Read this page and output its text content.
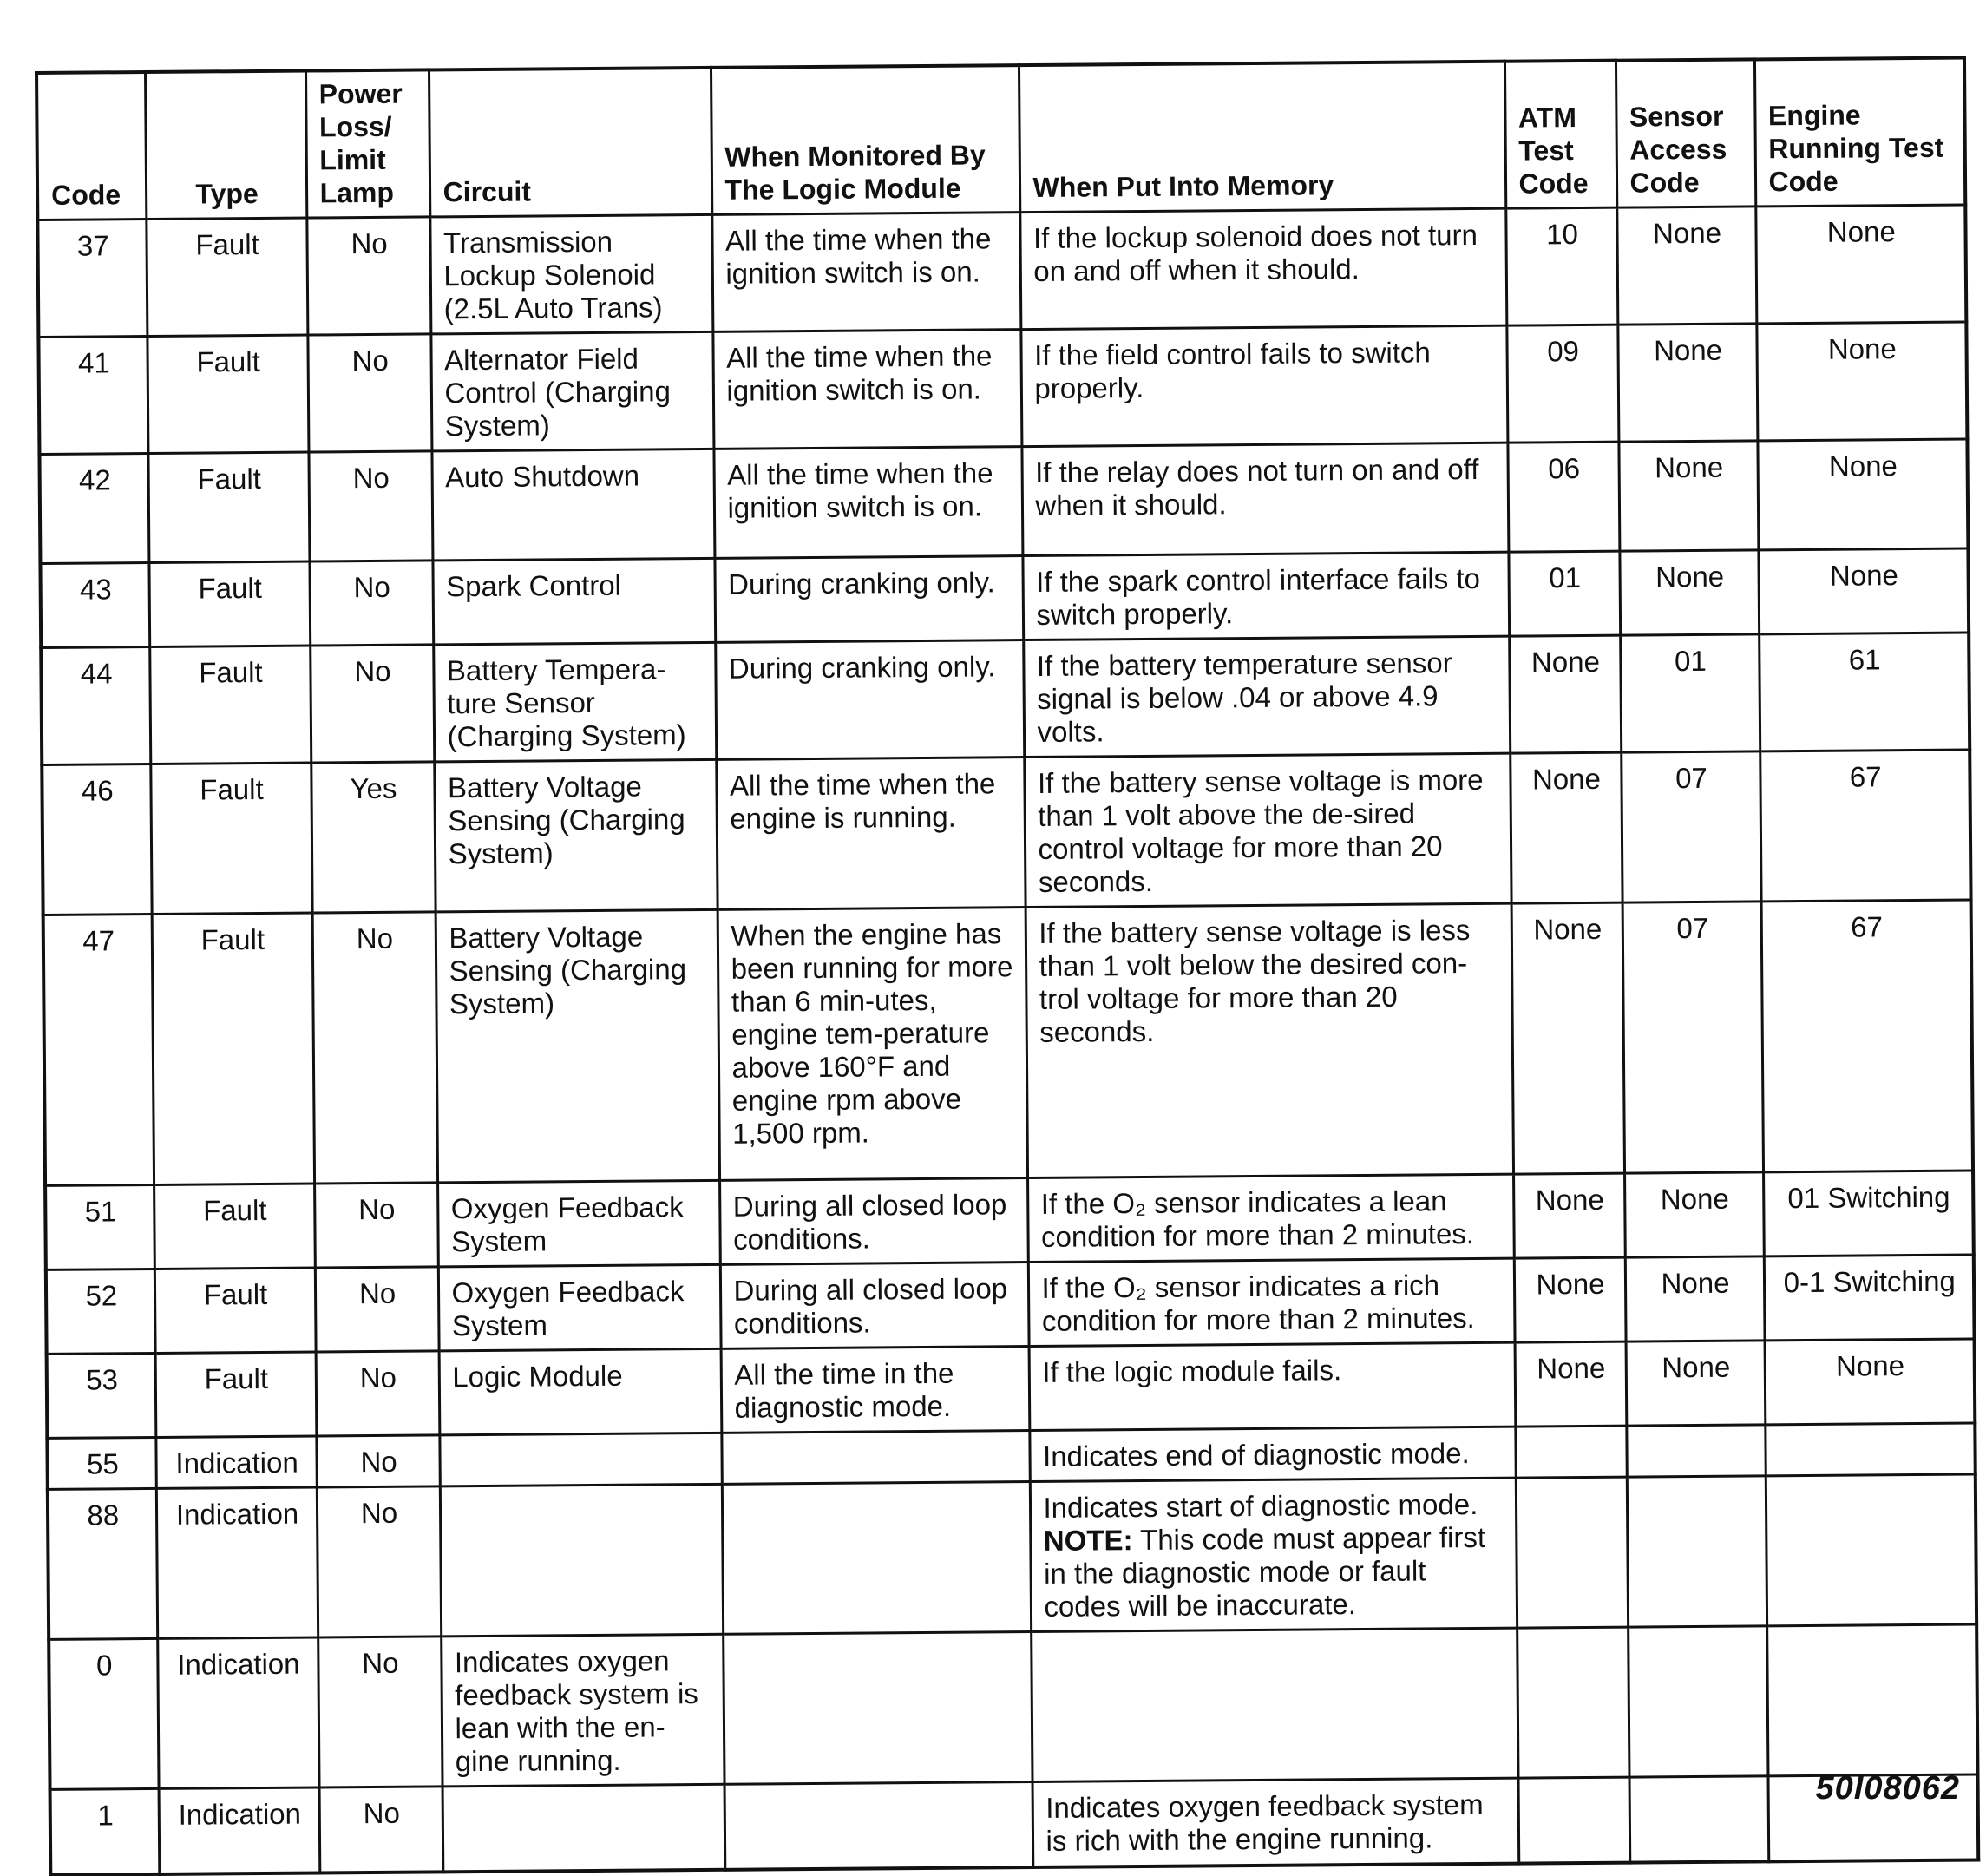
Code	Type	Power Loss/ Limit Lamp	Circuit	When Monitored By The Logic Module	When Put Into Memory	ATM Test Code	Sensor Access Code	Engine Running Test Code
37	Fault	No	Transmission Lockup Solenoid (2.5L Auto Trans)	All the time when the ignition switch is on.	If the lockup solenoid does not turn on and off when it should.	10	None	None
41	Fault	No	Alternator Field Control (Charging System)	All the time when the ignition switch is on.	If the field control fails to switch properly.	09	None	None
42	Fault	No	Auto Shutdown	All the time when the ignition switch is on.	If the relay does not turn on and off when it should.	06	None	None
43	Fault	No	Spark Control	During cranking only.	If the spark control interface fails to switch properly.	01	None	None
44	Fault	No	Battery Tempera-ture Sensor (Charging System)	During cranking only.	If the battery temperature sensor signal is below .04 or above 4.9 volts.	None	01	61
46	Fault	Yes	Battery Voltage Sensing (Charging System)	All the time when the engine is running.	If the battery sense voltage is more than 1 volt above the de-sired control voltage for more than 20 seconds.	None	07	67
47	Fault	No	Battery Voltage Sensing (Charging System)	When the engine has been running for more than 6 min-utes, engine tem-perature above 160°F and engine rpm above 1,500 rpm.	If the battery sense voltage is less than 1 volt below the desired con-trol voltage for more than 20 seconds.	None	07	67
51	Fault	No	Oxygen Feedback System	During all closed loop conditions.	If the O₂ sensor indicates a lean condition for more than 2 minutes.	None	None	01 Switching
52	Fault	No	Oxygen Feedback System	During all closed loop conditions.	If the O₂ sensor indicates a rich condition for more than 2 minutes.	None	None	0-1 Switching
53	Fault	No	Logic Module	All the time in the diagnostic mode.	If the logic module fails.	None	None	None
55	Indication	No			Indicates end of diagnostic mode.			
88	Indication	No			Indicates start of diagnostic mode. NOTE: This code must appear first in the diagnostic mode or fault codes will be inaccurate.			
0	Indication	No	Indicates oxygen feedback system is lean with the en-gine running.					
1	Indication	No			Indicates oxygen feedback system is rich with the engine running.			
50I08062
